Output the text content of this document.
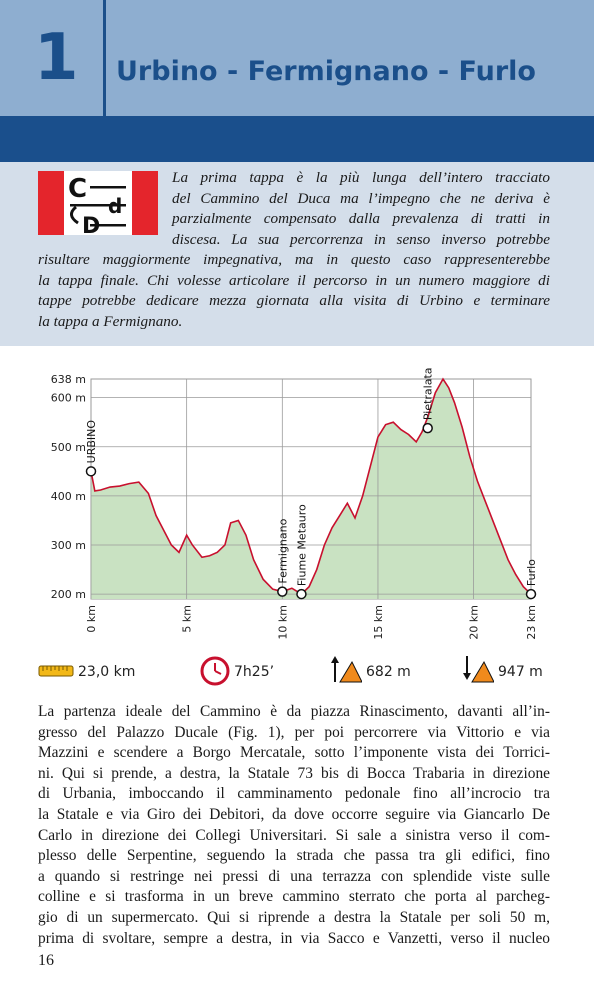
1 Urbino - Fermignano - Furlo
C
d
D
La prima tappa è la più lunga dell’intero tracciato
del Cammino del Duca ma l’impegno che ne deriva è
parzialmente compensato dalla prevalenza di tratti in
discesa. La sua percorrenza in senso inverso potrebbe
risultare maggiormente impegnativa, ma in questo caso rappresenterebbe
la tappa finale. Chi volesse articolare il percorso in un numero maggiore di
tappe potrebbe dedicare mezza giornata alla visita di Urbino e terminare
la tappa a Fermignano.
200 m
300 m
400 m
500 m
600 m
638 m
0 km	5 km	10 km	15 km	20 km	23 km
URBINO
Fermignano Fiume Metauro
Pietralata
Furlo
23,0 km	7h25’	682 m	947 m
La partenza ideale del Cammino è da piazza Rinascimento, davanti all’in-
gresso del Palazzo Ducale (Fig. 1), per poi percorrere via Vittorio e via
Mazzini e scendere a Borgo Mercatale, sotto l’imponente vista dei Torrici-
ni. Qui si prende, a destra, la Statale 73 bis di Bocca Trabaria in direzione
di Urbania, imboccando il camminamento pedonale fino all’incrocio tra
la Statale e via Giro dei Debitori, da dove occorre seguire via Giancarlo De
Carlo in direzione dei Collegi Universitari. Si sale a sinistra verso il com-
plesso delle Serpentine, seguendo la strada che passa tra gli edifici, fino
a quando si restringe nei pressi di una terrazza con splendide viste sulle
colline e si trasforma in un breve cammino sterrato che porta al parcheg-
gio di un supermercato. Qui si riprende a destra la Statale per soli 50 m,
prima di svoltare, sempre a destra, in via Sacco e Vanzetti, verso il nucleo
16
